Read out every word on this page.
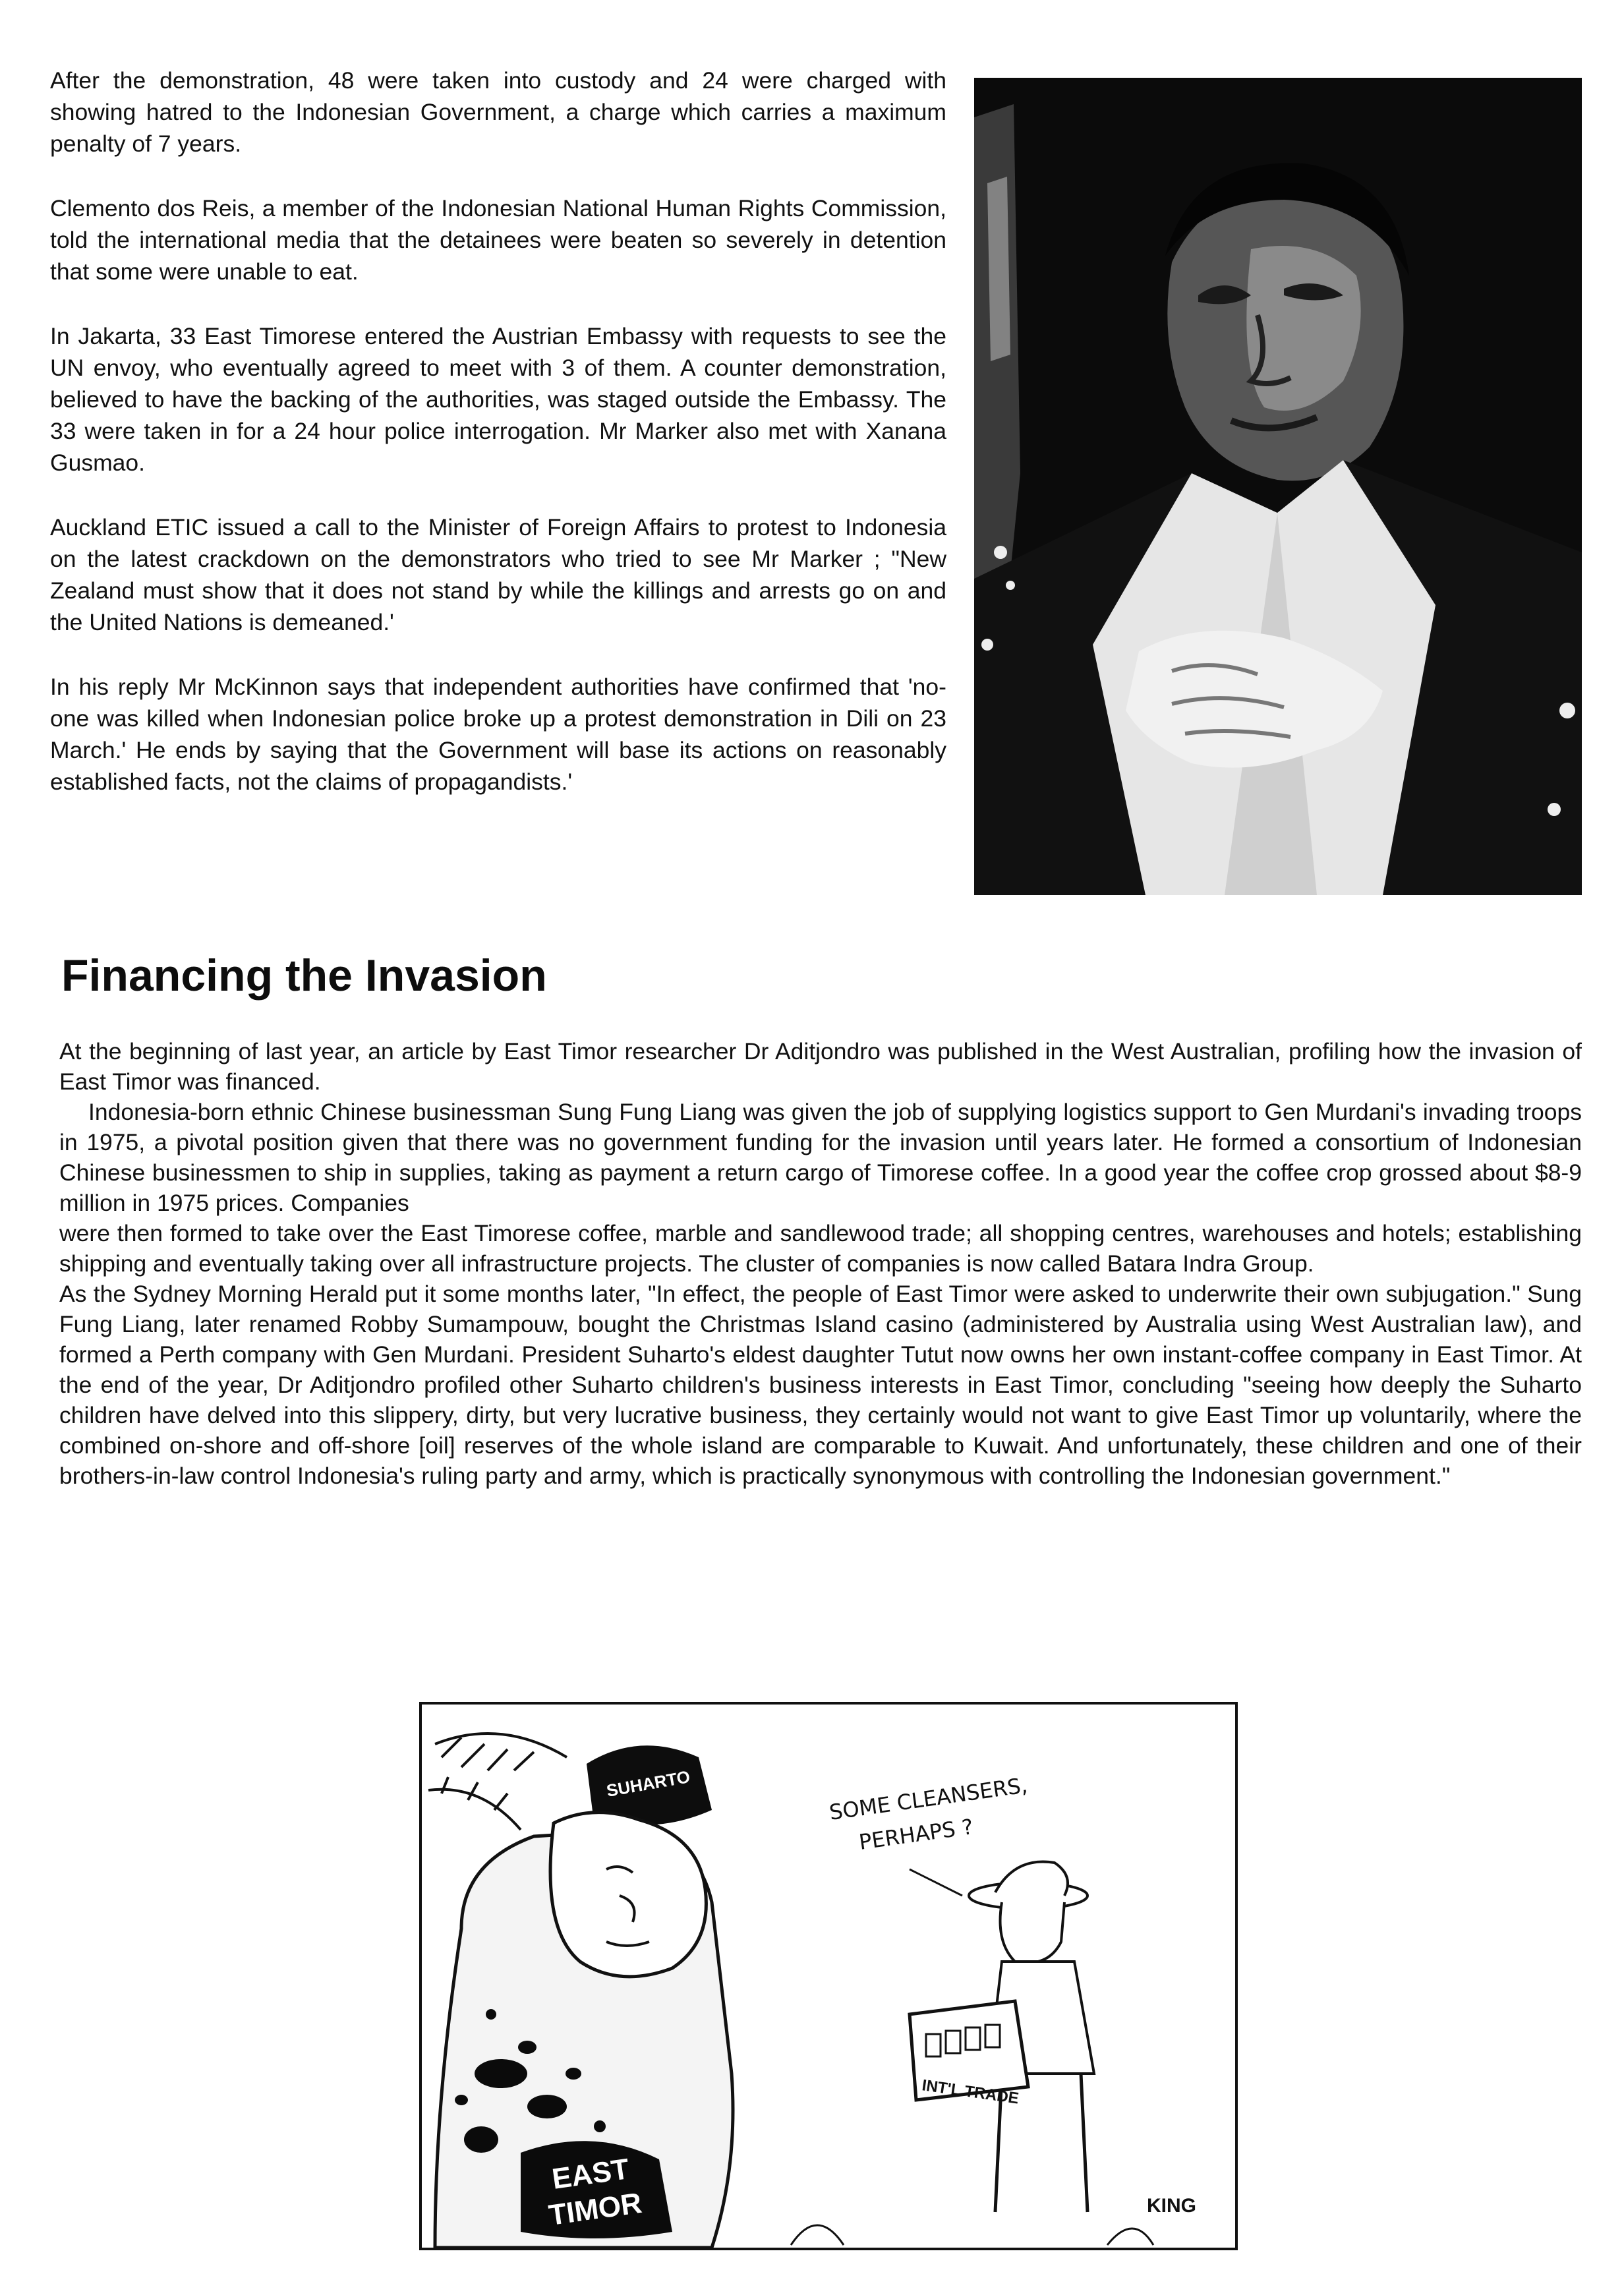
After the demonstration, 48 were taken into custody and 24 were charged with showing hatred to the Indonesian Government, a charge which carries a maximum penalty of 7 years.

Clemento dos Reis, a member of the Indonesian National Human Rights Commission, told the international media that the detainees were beaten so severely in detention that some were unable to eat.

In Jakarta, 33 East Timorese entered the Austrian Embassy with requests to see the UN envoy, who eventually agreed to meet with 3 of them. A counter demonstration, believed to have the backing of the authorities, was staged outside the Embassy. The 33 were taken in for a 24 hour police interrogation. Mr Marker also met with Xanana Gusmao.

Auckland ETIC issued a call to the Minister of Foreign Affairs to protest to Indonesia on the latest crackdown on the demonstrators who tried to see Mr Marker ; "New Zealand must show that it does not stand by while the killings and arrests go on and the United Nations is demeaned.'

In his reply Mr McKinnon says that independent authorities have confirmed that 'no-one was killed when Indonesian police broke up a protest demonstration in Dili on 23 March.' He ends by saying that the Government will base its actions on reasonably established facts, not the claims of propagandists.'

Financing the Invasion

At the beginning of last year, an article by East Timor researcher Dr Aditjondro was published in the West Australian, profiling how the invasion of East Timor was financed.

Indonesia-born ethnic Chinese businessman Sung Fung Liang was given the job of supplying logistics support to Gen Murdani's invading troops in 1975, a pivotal position given that there was no government funding for the invasion until years later. He formed a consortium of Indonesian Chinese businessmen to ship in supplies, taking as payment a return cargo of Timorese coffee. In a good year the coffee crop grossed about $8-9 million in 1975 prices. Companies

were then formed to take over the East Timorese coffee, marble and sandlewood trade; all shopping centres, warehouses and hotels; establishing shipping and eventually taking over all infrastructure projects. The cluster of companies is now called Batara Indra Group.

As the Sydney Morning Herald put it some months later, "In effect, the people of East Timor were asked to underwrite their own subjugation." Sung Fung Liang, later renamed Robby Sumampouw, bought the Christmas Island casino (administered by Australia using West Australian law), and formed a Perth company with Gen Murdani. President Suharto's eldest daughter Tutut now owns her own instant-coffee company in East Timor. At the end of the year, Dr Aditjondro profiled other Suharto children's business interests in East Timor, concluding "seeing how deeply the Suharto children have delved into this slippery, dirty, but very lucrative business, they certainly would not want to give East Timor up voluntarily, where the combined on-shore and off-shore [oil] reserves of the whole island are comparable to Kuwait. And unfortunately, these children and one of their brothers-in-law control Indonesia's ruling party and army, which is practically synonymous with controlling the Indonesian government."

SUHARTO
EAST
TIMOR
SOME CLEANSERS,
PERHAPS ?
INT'L TRADE
KING
